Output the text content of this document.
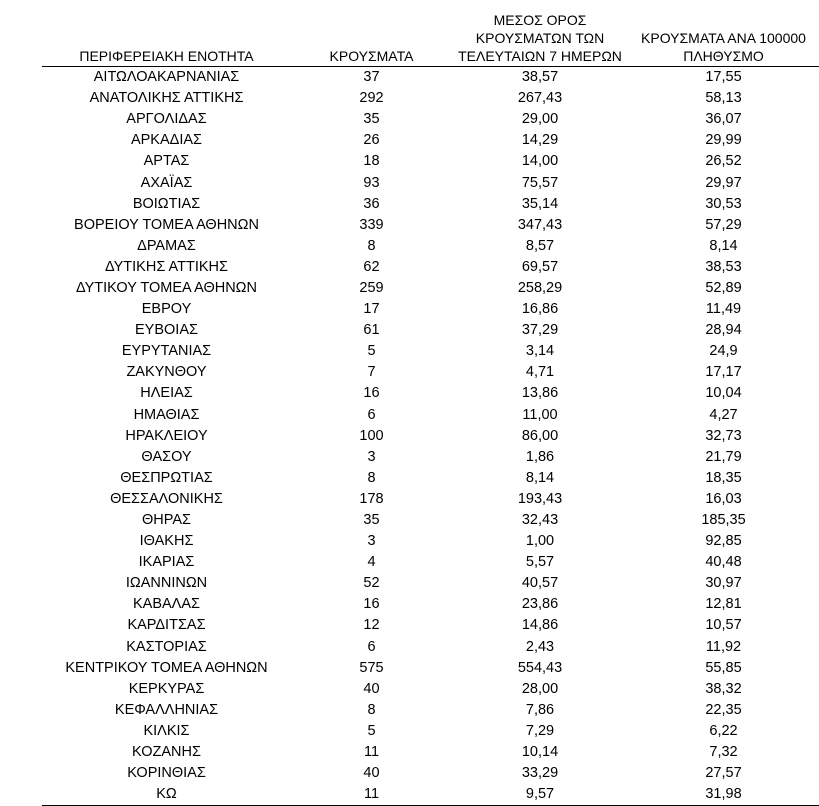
ΠΕΡΙΦΕΡΕΙΑΚΗ ΕΝΟΤΗΤΑ	ΚΡΟΥΣΜΑΤΑ	ΜΕΣΟΣ ΟΡΟΣ
ΚΡΟΥΣΜΑΤΩΝ ΤΩΝ
ΤΕΛΕΥΤΑΙΩΝ 7 ΗΜΕΡΩΝ	ΚΡΟΥΣΜΑΤΑ ΑΝΑ 100000
ΠΛΗΘΥΣΜΟ

ΑΙΤΩΛΟΑΚΑΡΝΑΝΙΑΣ	37	38,57	17,55
ΑΝΑΤΟΛΙΚΗΣ ΑΤΤΙΚΗΣ	292	267,43	58,13
ΑΡΓΟΛΙΔΑΣ	35	29,00	36,07
ΑΡΚΑΔΙΑΣ	26	14,29	29,99
ΑΡΤΑΣ	18	14,00	26,52
ΑΧΑΪΑΣ	93	75,57	29,97
ΒΟΙΩΤΙΑΣ	36	35,14	30,53
ΒΟΡΕΙΟΥ ΤΟΜΕΑ ΑΘΗΝΩΝ	339	347,43	57,29
ΔΡΑΜΑΣ	8	8,57	8,14
ΔΥΤΙΚΗΣ ΑΤΤΙΚΗΣ	62	69,57	38,53
ΔΥΤΙΚΟΥ ΤΟΜΕΑ ΑΘΗΝΩΝ	259	258,29	52,89
ΕΒΡΟΥ	17	16,86	11,49
ΕΥΒΟΙΑΣ	61	37,29	28,94
ΕΥΡΥΤΑΝΙΑΣ	5	3,14	24,9
ΖΑΚΥΝΘΟΥ	7	4,71	17,17
ΗΛΕΙΑΣ	16	13,86	10,04
ΗΜΑΘΙΑΣ	6	11,00	4,27
ΗΡΑΚΛΕΙΟΥ	100	86,00	32,73
ΘΑΣΟΥ	3	1,86	21,79
ΘΕΣΠΡΩΤΙΑΣ	8	8,14	18,35
ΘΕΣΣΑΛΟΝΙΚΗΣ	178	193,43	16,03
ΘΗΡΑΣ	35	32,43	185,35
ΙΘΑΚΗΣ	3	1,00	92,85
ΙΚΑΡΙΑΣ	4	5,57	40,48
ΙΩΑΝΝΙΝΩΝ	52	40,57	30,97
ΚΑΒΑΛΑΣ	16	23,86	12,81
ΚΑΡΔΙΤΣΑΣ	12	14,86	10,57
ΚΑΣΤΟΡΙΑΣ	6	2,43	11,92
ΚΕΝΤΡΙΚΟΥ ΤΟΜΕΑ ΑΘΗΝΩΝ	575	554,43	55,85
ΚΕΡΚΥΡΑΣ	40	28,00	38,32
ΚΕΦΑΛΛΗΝΙΑΣ	8	7,86	22,35
ΚΙΛΚΙΣ	5	7,29	6,22
ΚΟΖΑΝΗΣ	11	10,14	7,32
ΚΟΡΙΝΘΙΑΣ	40	33,29	27,57
ΚΩ	11	9,57	31,98
